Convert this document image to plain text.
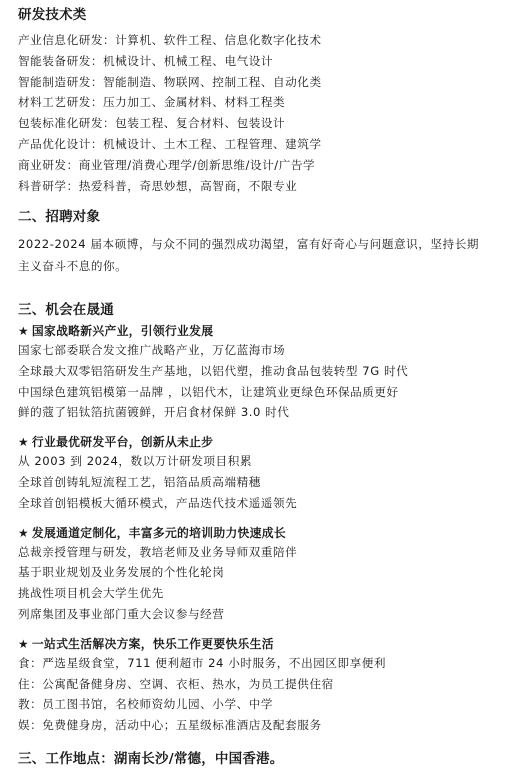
研发技术类
产业信息化研发：计算机、软件工程、信息化数字化技术
智能装备研发：机械设计、机械工程、电气设计
智能制造研发：智能制造、物联网、控制工程、自动化类
材料工艺研发：压力加工、金属材料、材料工程类
包装标准化研发：包装工程、复合材料、包装设计
产品优化设计：机械设计、土木工程、工程管理、建筑学
商业研发：商业管理/消费心理学/创新思维/设计/广告学
科普研学：热爱科普，奇思妙想，高智商，不限专业
二、招聘对象
2022-2024 届本硕博，与众不同的强烈成功渴望，富有好奇心与问题意识，坚持长期主义奋斗不息的你。
三、机会在晟通
★ 国家战略新兴产业，引领行业发展
国家七部委联合发文推广战略产业，万亿蓝海市场
全球最大双零铝箔研发生产基地，以铝代塑，推动食品包装转型 7G 时代
中国绿色建筑铝模第一品牌 ，以铝代木，让建筑业更绿色环保品质更好
鲜的蔻了铝钛箔抗菌镀鲜，开启食材保鲜 3.0 时代
★ 行业最优研发平台，创新从未止步
从 2003 到 2024，数以万计研发项目积累
全球首创铸轧短流程工艺，铝箔品质高端精穗
全球首创铝模板大循环模式，产品迭代技术遥遥领先
★ 发展通道定制化，丰富多元的培训助力快速成长
总裁亲授管理与研发，教培老师及业务导师双重陪伴
基于职业规划及业务发展的个性化轮岗
挑战性项目机会大学生优先
列席集团及事业部门重大会议参与经营
★ 一站式生活解决方案，快乐工作更要快乐生活
食：严选星级食堂，711 便利超市 24 小时服务，不出园区即享便利
住：公寓配备健身房、空调、衣柜、热水，为员工提供住宿
教：员工图书馆，名校师资幼儿园、小学、中学
娱：免费健身房，活动中心；五星级标准酒店及配套服务
三、工作地点：湖南长沙/常德，中国香港。
